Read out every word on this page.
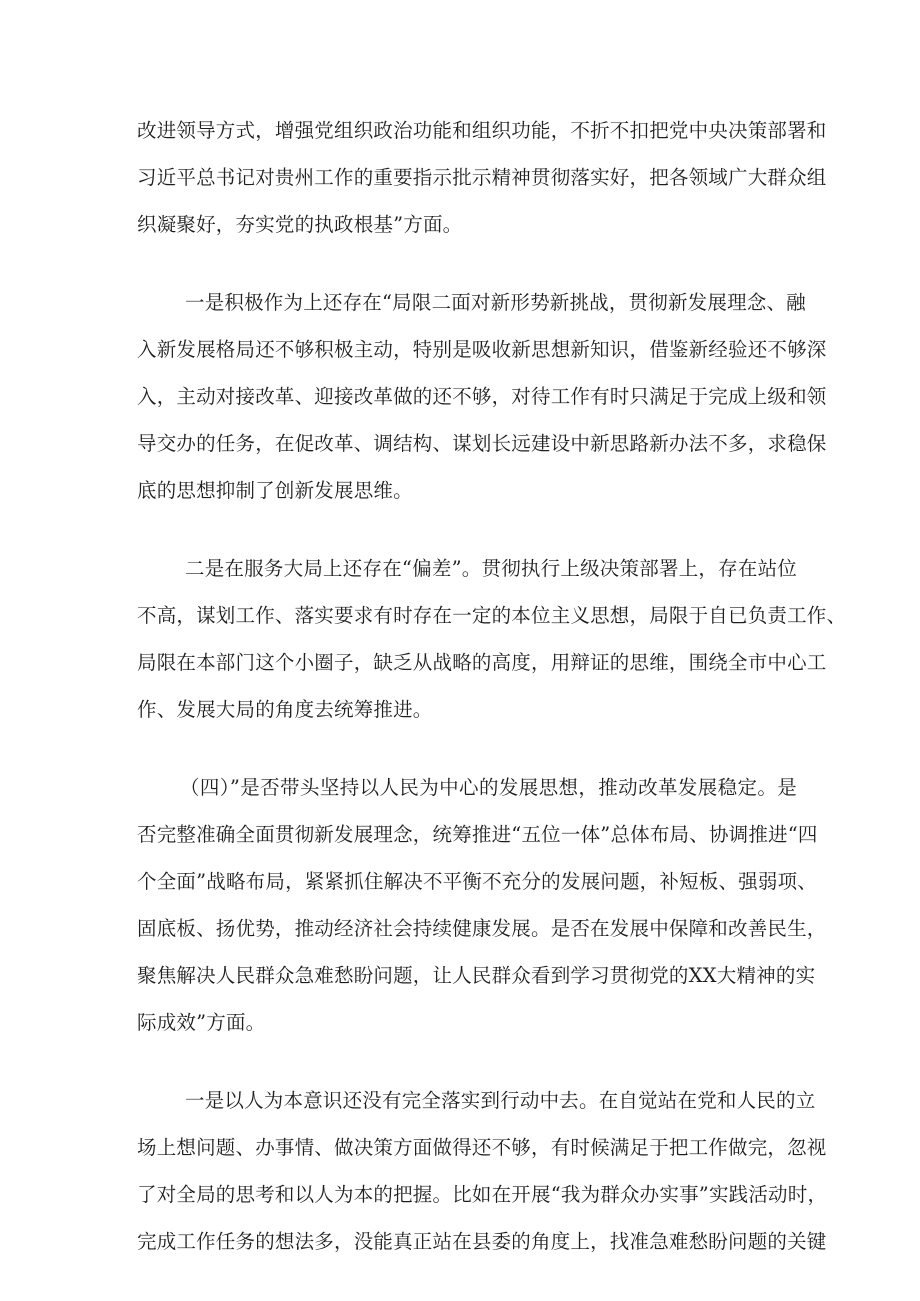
改进领导方式，增强党组织政治功能和组织功能，不折不扣把党中央决策部署和
习近平总书记对贵州工作的重要指示批示精神贯彻落实好，把各领域广大群众组
织凝聚好，夯实党的执政根基”方面。
一是积极作为上还存在“局限二面对新形势新挑战，贯彻新发展理念、融
入新发展格局还不够积极主动，特别是吸收新思想新知识，借鉴新经验还不够深
入，主动对接改革、迎接改革做的还不够，对待工作有时只满足于完成上级和领
导交办的任务，在促改革、调结构、谋划长远建设中新思路新办法不多，求稳保
底的思想抑制了创新发展思维。
二是在服务大局上还存在“偏差”。贯彻执行上级决策部署上，存在站位
不高，谋划工作、落实要求有时存在一定的本位主义思想，局限于自已负责工作、
局限在本部门这个小圈子，缺乏从战略的高度，用辩证的思维，围绕全市中心工
作、发展大局的角度去统筹推进。
（四）”是否带头坚持以人民为中心的发展思想，推动改革发展稳定。是
否完整准确全面贯彻新发展理念，统筹推进“五位一体”总体布局、协调推进“四
个全面”战略布局，紧紧抓住解决不平衡不充分的发展问题，补短板、强弱项、
固底板、扬优势，推动经济社会持续健康发展。是否在发展中保障和改善民生，
聚焦解决人民群众急难愁盼问题，让人民群众看到学习贯彻党的XX大精神的实
际成效”方面。
一是以人为本意识还没有完全落实到行动中去。在自觉站在党和人民的立
场上想问题、办事情、做决策方面做得还不够，有时候满足于把工作做完，忽视
了对全局的思考和以人为本的把握。比如在开展“我为群众办实事”实践活动时，
完成工作任务的想法多，没能真正站在县委的角度上，找准急难愁盼问题的关键
